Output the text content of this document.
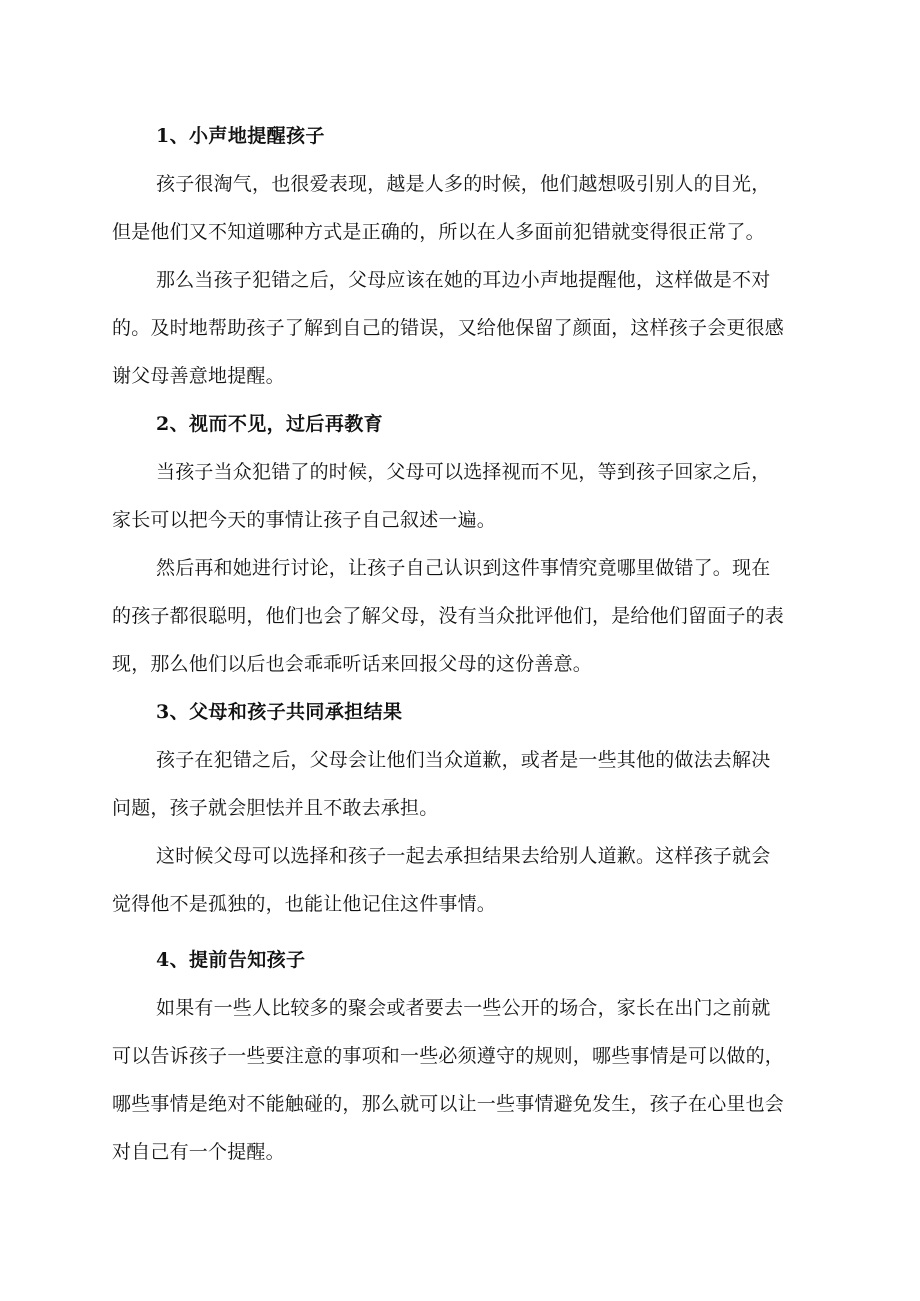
1、小声地提醒孩子
孩子很淘气，也很爱表现，越是人多的时候，他们越想吸引别人的目光，
但是他们又不知道哪种方式是正确的，所以在人多面前犯错就变得很正常了。
那么当孩子犯错之后，父母应该在她的耳边小声地提醒他，这样做是不对
的。及时地帮助孩子了解到自己的错误，又给他保留了颜面，这样孩子会更很感
谢父母善意地提醒。
2、视而不见，过后再教育
当孩子当众犯错了的时候，父母可以选择视而不见，等到孩子回家之后，
家长可以把今天的事情让孩子自己叙述一遍。
然后再和她进行讨论，让孩子自己认识到这件事情究竟哪里做错了。现在
的孩子都很聪明，他们也会了解父母，没有当众批评他们，是给他们留面子的表
现，那么他们以后也会乖乖听话来回报父母的这份善意。
3、父母和孩子共同承担结果
孩子在犯错之后，父母会让他们当众道歉，或者是一些其他的做法去解决
问题，孩子就会胆怯并且不敢去承担。
这时候父母可以选择和孩子一起去承担结果去给别人道歉。这样孩子就会
觉得他不是孤独的，也能让他记住这件事情。
4、提前告知孩子
如果有一些人比较多的聚会或者要去一些公开的场合，家长在出门之前就
可以告诉孩子一些要注意的事项和一些必须遵守的规则，哪些事情是可以做的，
哪些事情是绝对不能触碰的，那么就可以让一些事情避免发生，孩子在心里也会
对自己有一个提醒。
